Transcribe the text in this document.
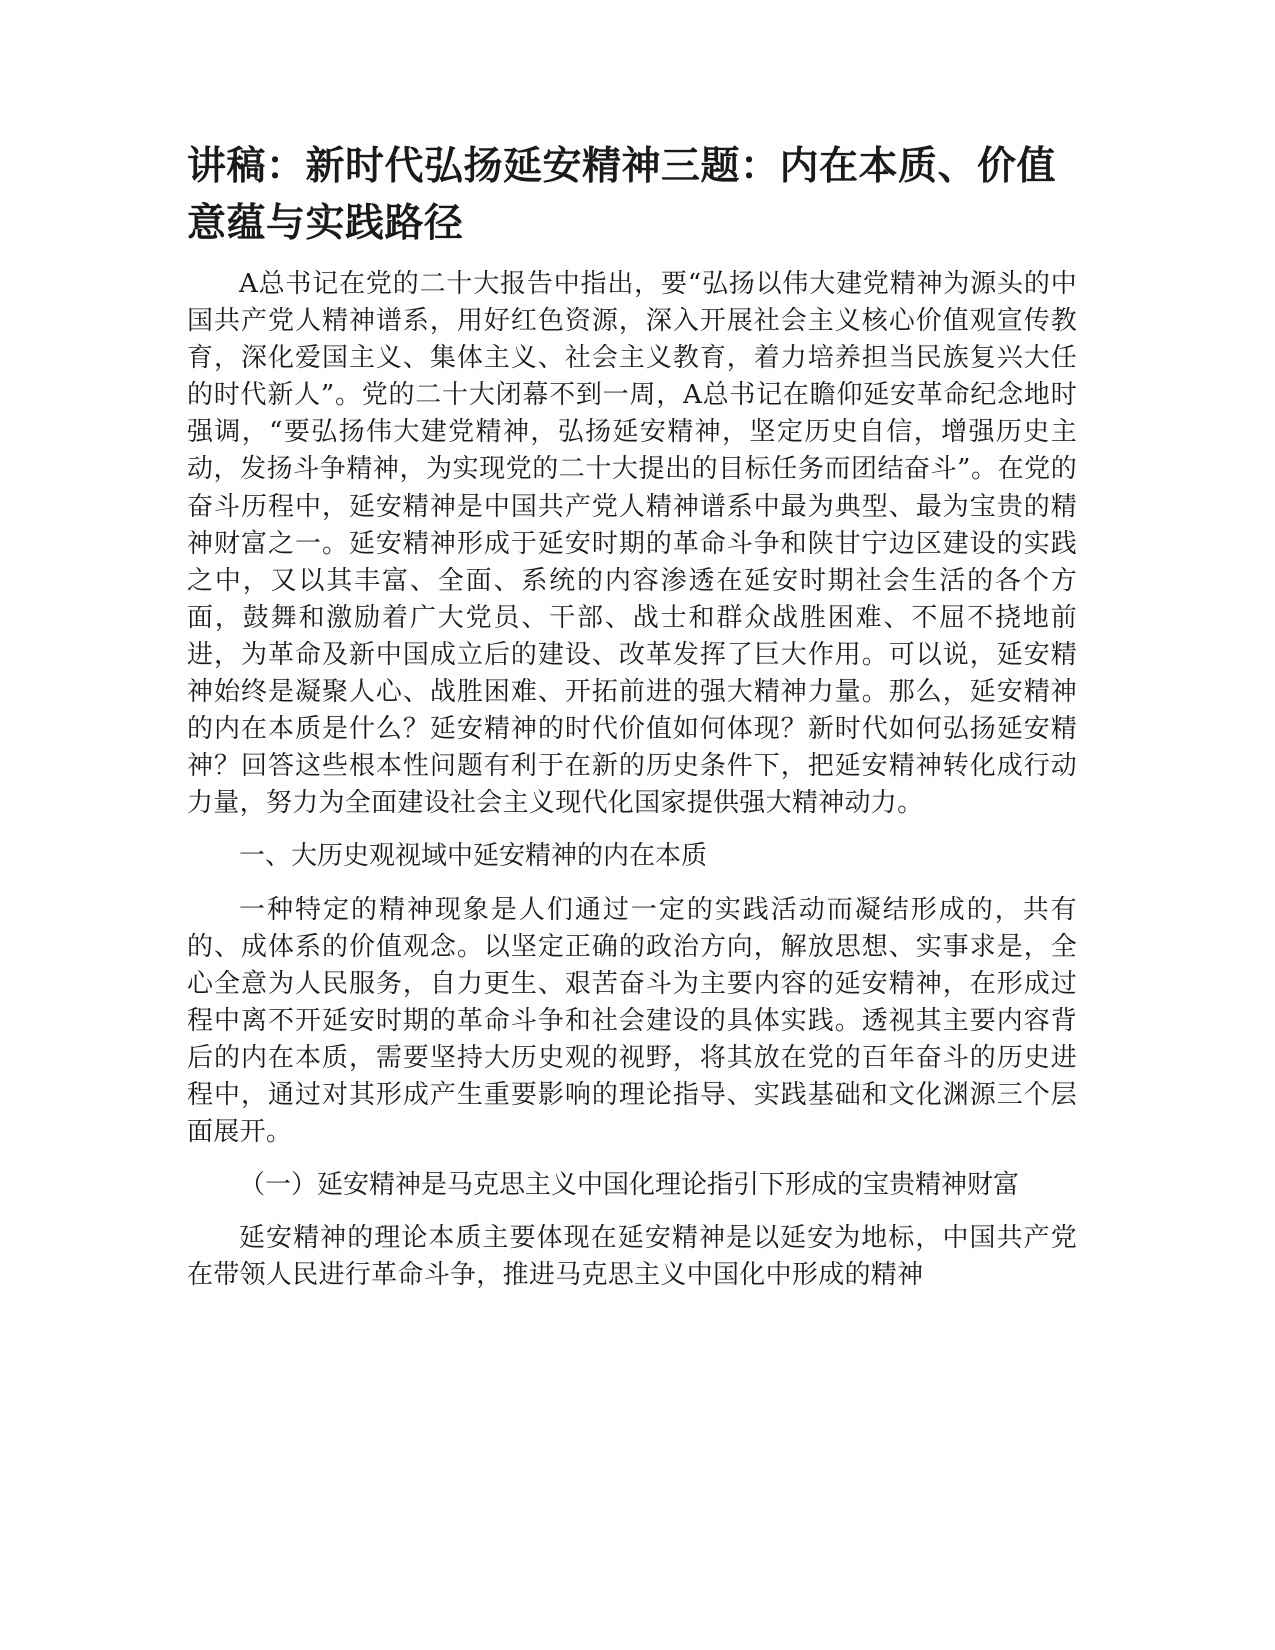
讲稿：新时代弘扬延安精神三题：内在本质、价值意蕴与实践路径

A总书记在党的二十大报告中指出，要“弘扬以伟大建党精神为源头的中国共产党人精神谱系，用好红色资源，深入开展社会主义核心价值观宣传教育，深化爱国主义、集体主义、社会主义教育，着力培养担当民族复兴大任的时代新人”。党的二十大闭幕不到一周，A总书记在瞻仰延安革命纪念地时强调，“要弘扬伟大建党精神，弘扬延安精神，坚定历史自信，增强历史主动，发扬斗争精神，为实现党的二十大提出的目标任务而团结奋斗”。在党的奋斗历程中，延安精神是中国共产党人精神谱系中最为典型、最为宝贵的精神财富之一。延安精神形成于延安时期的革命斗争和陕甘宁边区建设的实践之中，又以其丰富、全面、系统的内容渗透在延安时期社会生活的各个方面，鼓舞和激励着广大党员、干部、战士和群众战胜困难、不屈不挠地前进，为革命及新中国成立后的建设、改革发挥了巨大作用。可以说，延安精神始终是凝聚人心、战胜困难、开拓前进的强大精神力量。那么，延安精神的内在本质是什么？延安精神的时代价值如何体现？新时代如何弘扬延安精神？回答这些根本性问题有利于在新的历史条件下，把延安精神转化成行动力量，努力为全面建设社会主义现代化国家提供强大精神动力。

一、大历史观视域中延安精神的内在本质

一种特定的精神现象是人们通过一定的实践活动而凝结形成的，共有的、成体系的价值观念。以坚定正确的政治方向，解放思想、实事求是，全心全意为人民服务，自力更生、艰苦奋斗为主要内容的延安精神，在形成过程中离不开延安时期的革命斗争和社会建设的具体实践。透视其主要内容背后的内在本质，需要坚持大历史观的视野，将其放在党的百年奋斗的历史进程中，通过对其形成产生重要影响的理论指导、实践基础和文化渊源三个层面展开。

（一）延安精神是马克思主义中国化理论指引下形成的宝贵精神财富

延安精神的理论本质主要体现在延安精神是以延安为地标，中国共产党在带领人民进行革命斗争，推进马克思主义中国化中形成的精神
